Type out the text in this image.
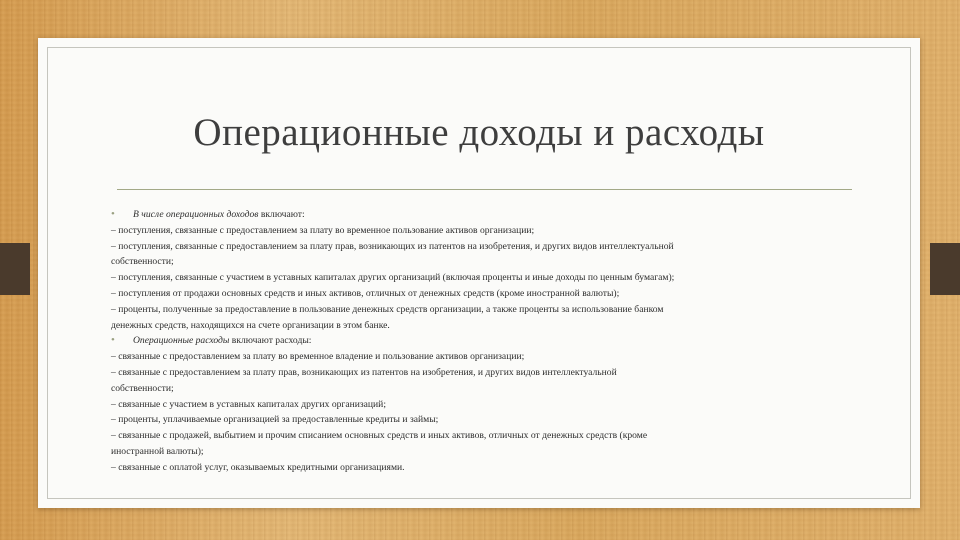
Операционные доходы и расходы

• В числе операционных доходов включают:

– поступления, связанные с предоставлением за плату во временное пользование активов организации;

– поступления, связанные с предоставлением за плату прав, возникающих из патентов на изобретения, и других видов интеллектуальной

собственности;

– поступления, связанные с участием в уставных капиталах других организаций (включая проценты и иные доходы по ценным бумагам);

– поступления от продажи основных средств и иных активов, отличных от денежных средств (кроме иностранной валюты);

– проценты, полученные за предоставление в пользование денежных средств организации, а также проценты за использование банком

денежных средств, находящихся на счете организации в этом банке.

• Операционные расходы включают расходы:

– связанные с предоставлением за плату во временное владение и пользование активов организации;

– связанные с предоставлением за плату прав, возникающих из патентов на изобретения, и других видов интеллектуальной

собственности;

– связанные с участием в уставных капиталах других организаций;

– проценты, уплачиваемые организацией за предоставленные кредиты и займы;

– связанные с продажей, выбытием и прочим списанием основных средств и иных активов, отличных от денежных средств (кроме

иностранной валюты);

– связанные с оплатой услуг, оказываемых кредитными организациями.
